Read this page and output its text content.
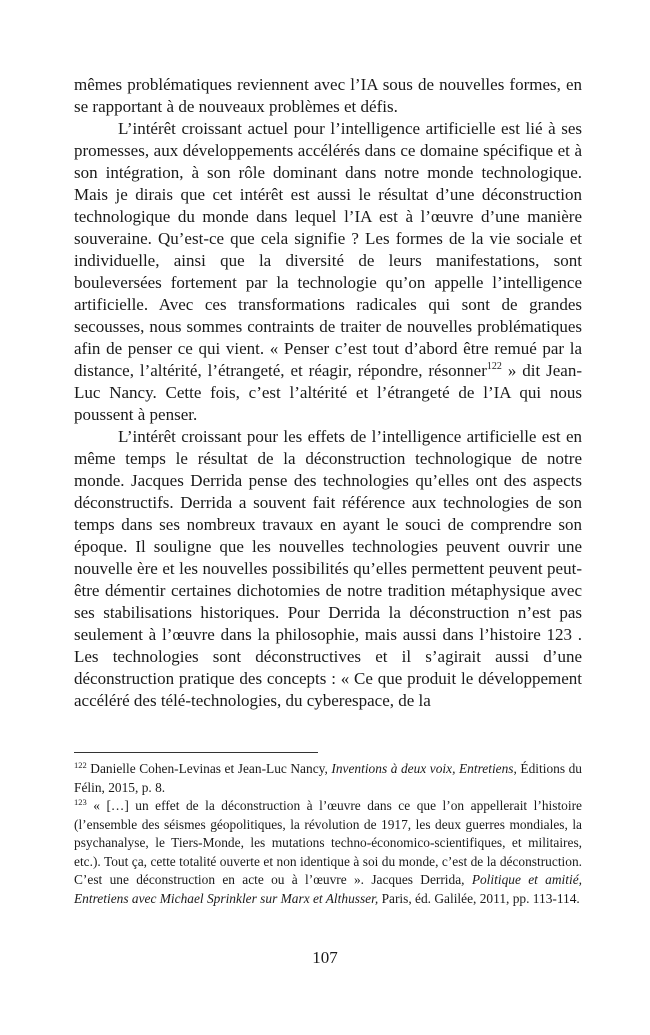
mêmes problématiques reviennent avec l’IA sous de nouvelles formes, en se rapportant à de nouveaux problèmes et défis.

L’intérêt croissant actuel pour l’intelligence artificielle est lié à ses promesses, aux développements accélérés dans ce domaine spécifique et à son intégration, à son rôle dominant dans notre monde technologique. Mais je dirais que cet intérêt est aussi le résultat d’une déconstruction technologique du monde dans lequel l’IA est à l’œuvre d’une manière souveraine. Qu’est-ce que cela signifie ? Les formes de la vie sociale et individuelle, ainsi que la diversité de leurs manifestations, sont bouleversées fortement par la technologie qu’on appelle l’intelligence artificielle. Avec ces transformations radicales qui sont de grandes secousses, nous sommes contraints de traiter de nouvelles problématiques afin de penser ce qui vient. « Penser c’est tout d’abord être remué par la distance, l’altérité, l’étrangeté, et réagir, répondre, résonner$^{122}$ » dit Jean-Luc Nancy. Cette fois, c’est l’altérité et l’étrangeté de l’IA qui nous poussent à penser.

L’intérêt croissant pour les effets de l’intelligence artificielle est en même temps le résultat de la déconstruction technologique de notre monde. Jacques Derrida pense des technologies qu’elles ont des aspects déconstructifs. Derrida a souvent fait référence aux technologies de son temps dans ses nombreux travaux en ayant le souci de comprendre son époque. Il souligne que les nouvelles technologies peuvent ouvrir une nouvelle ère et les nouvelles possibilités qu’elles permettent peuvent peut-être démentir certaines dichotomies de notre tradition métaphysique avec ses stabilisations historiques. Pour Derrida la déconstruction n’est pas seulement à l’œuvre dans la philosophie, mais aussi dans l’histoire 123 . Les technologies sont déconstructives et il s’agirait aussi d’une déconstruction pratique des concepts : « Ce que produit le développement accéléré des télé-technologies, du cyberespace, de la

$^{122}$ Danielle Cohen-Levinas et Jean-Luc Nancy, Inventions à deux voix, Entretiens, Éditions du Félin, 2015, p. 8.

$^{123}$ « […] un effet de la déconstruction à l’œuvre dans ce que l’on appellerait l’histoire (l’ensemble des séismes géopolitiques, la révolution de 1917, les deux guerres mondiales, la psychanalyse, le Tiers-Monde, les mutations techno-économico-scientifiques, et militaires, etc.). Tout ça, cette totalité ouverte et non identique à soi du monde, c’est de la déconstruction. C’est une déconstruction en acte ou à l’œuvre ». Jacques Derrida, Politique et amitié, Entretiens avec Michael Sprinkler sur Marx et Althusser, Paris, éd. Galilée, 2011, pp. 113-114.

107
